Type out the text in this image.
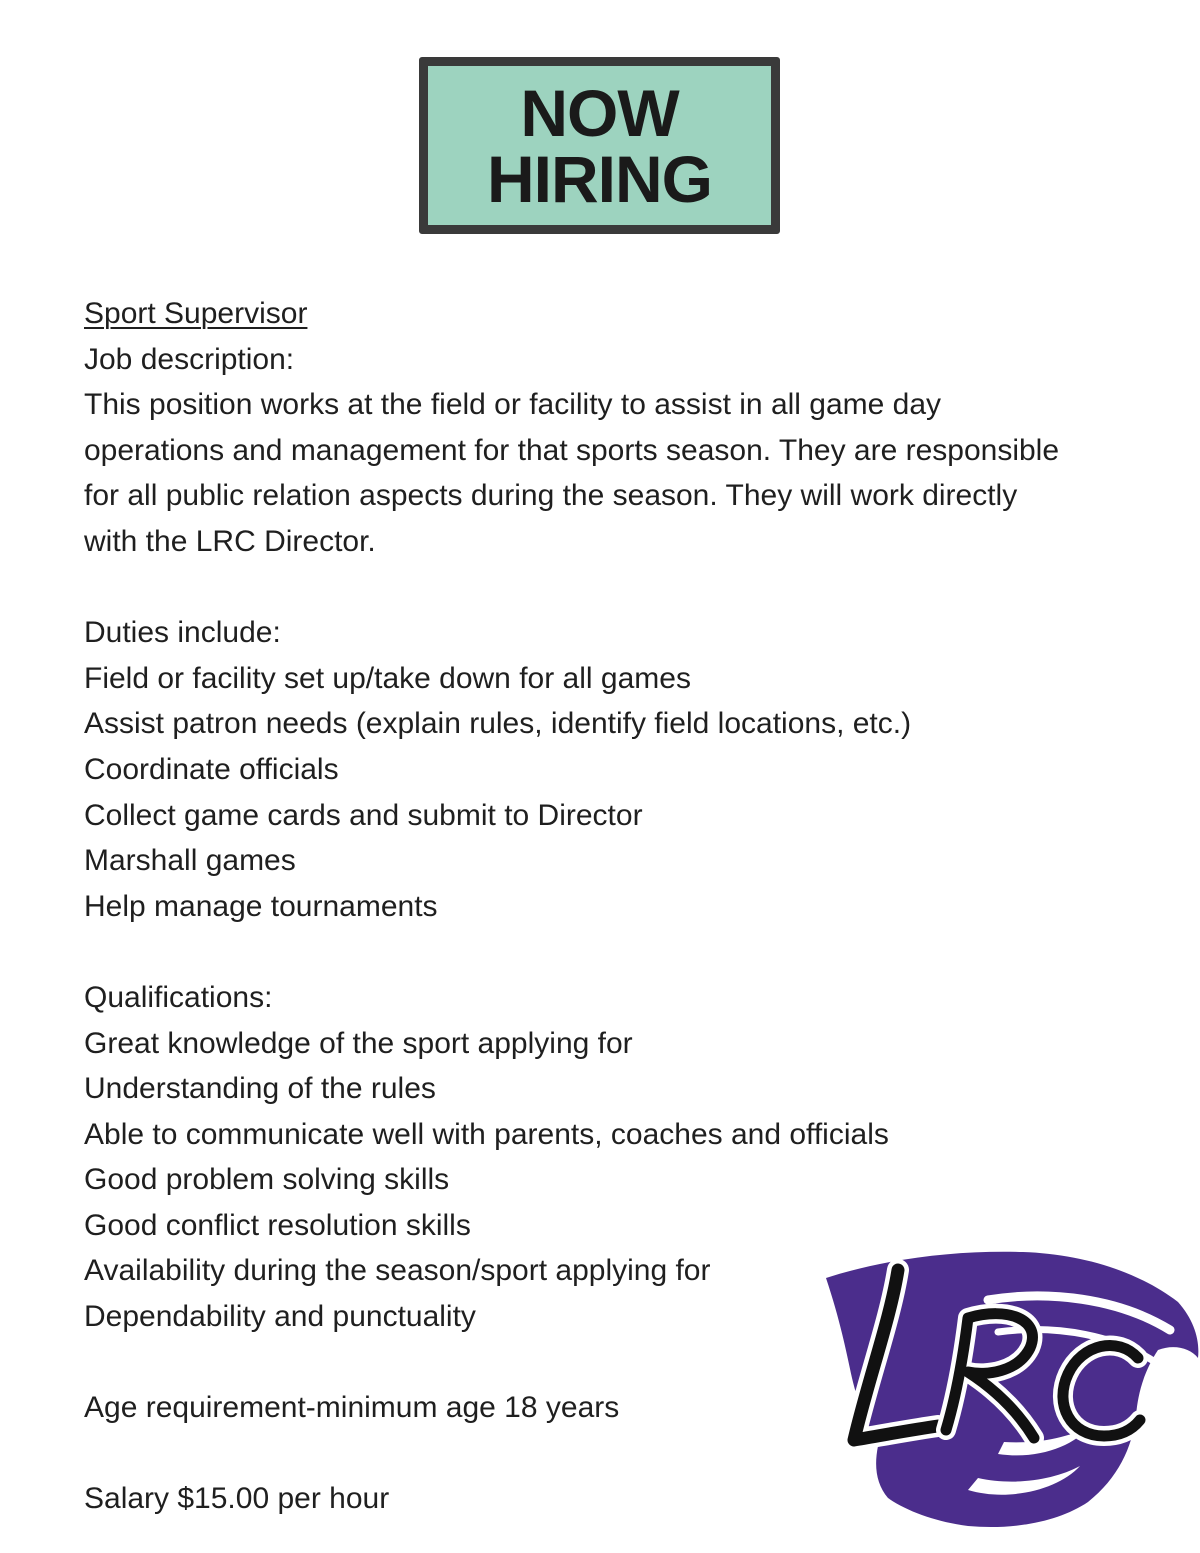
NOW
HIRING
Sport Supervisor
Job description:
This position works at the field or facility to assist in all game day
operations and management for that sports season. They are responsible
for all public relation aspects during the season. They will work directly
with the LRC Director.
Duties include:
Field or facility set up/take down for all games
Assist patron needs (explain rules, identify field locations, etc.)
Coordinate officials
Collect game cards and submit to Director
Marshall games
Help manage tournaments
Qualifications:
Great knowledge of the sport applying for
Understanding of the rules
Able to communicate well with parents, coaches and officials
Good problem solving skills
Good conflict resolution skills
Availability during the season/sport applying for
Dependability and punctuality
Age requirement-minimum age 18 years
Salary $15.00 per hour
